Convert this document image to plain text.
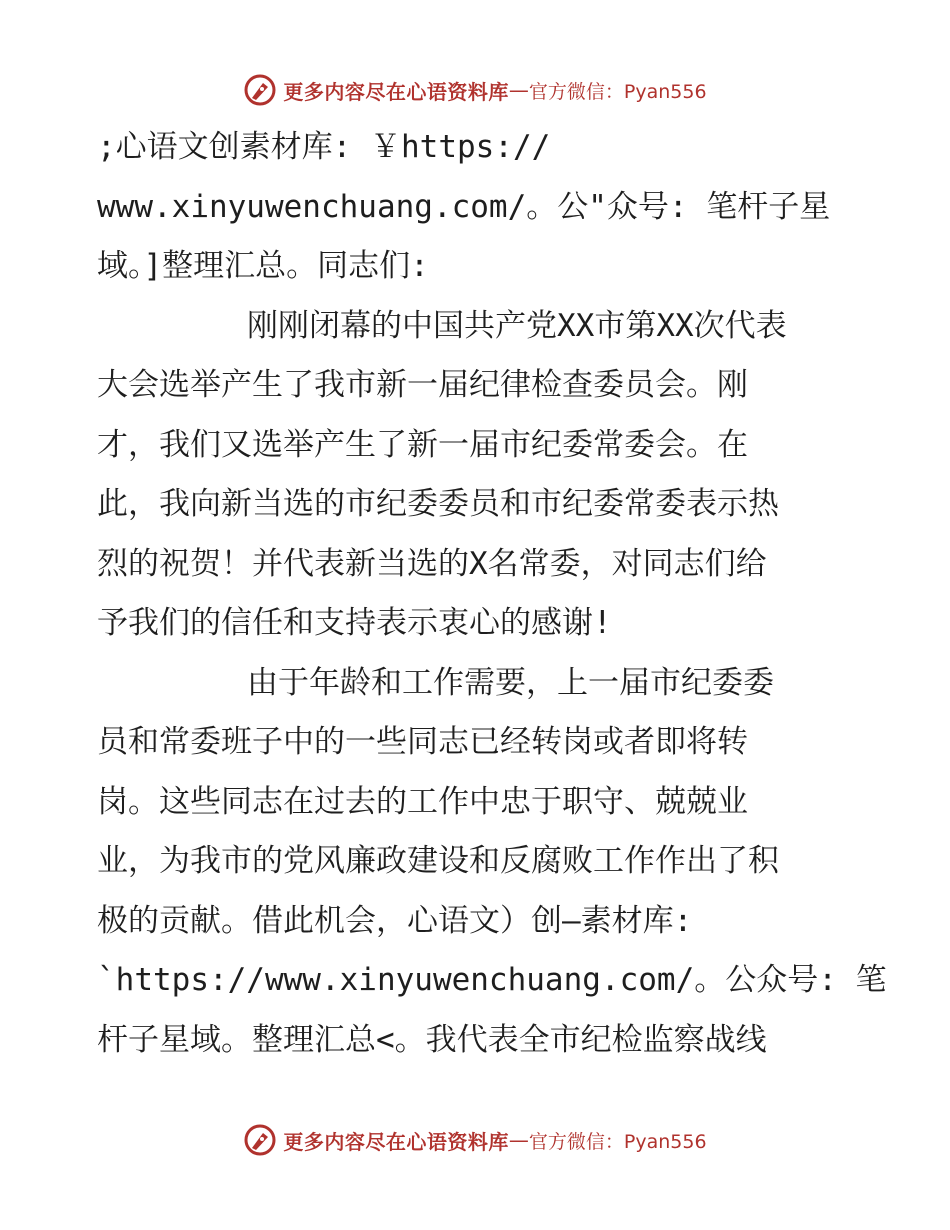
更多内容尽在心语资料库 — 官方微信：Pyan556
;心语文创素材库: ￥https://
www.xinyuwenchuang.com/。公"众号: 笔杆子星
域。]整理汇总。同志们:
刚刚闭幕的中国共产党XX市第XX次代表
大会选举产生了我市新一届纪律检查委员会。刚
才，我们又选举产生了新一届市纪委常委会。在
此，我向新当选的市纪委委员和市纪委常委表示热
烈的祝贺！并代表新当选的X名常委，对同志们给
予我们的信任和支持表示衷心的感谢!
由于年龄和工作需要，上一届市纪委委
员和常委班子中的一些同志已经转岗或者即将转
岗。这些同志在过去的工作中忠于职守、兢兢业
业，为我市的党风廉政建设和反腐败工作作出了积
极的贡献。借此机会，心语文）创—素材库:
`https://www.xinyuwenchuang.com/。公众号: 笔
杆子星域。整理汇总<。我代表全市纪检监察战线
更多内容尽在心语资料库 — 官方微信：Pyan556
